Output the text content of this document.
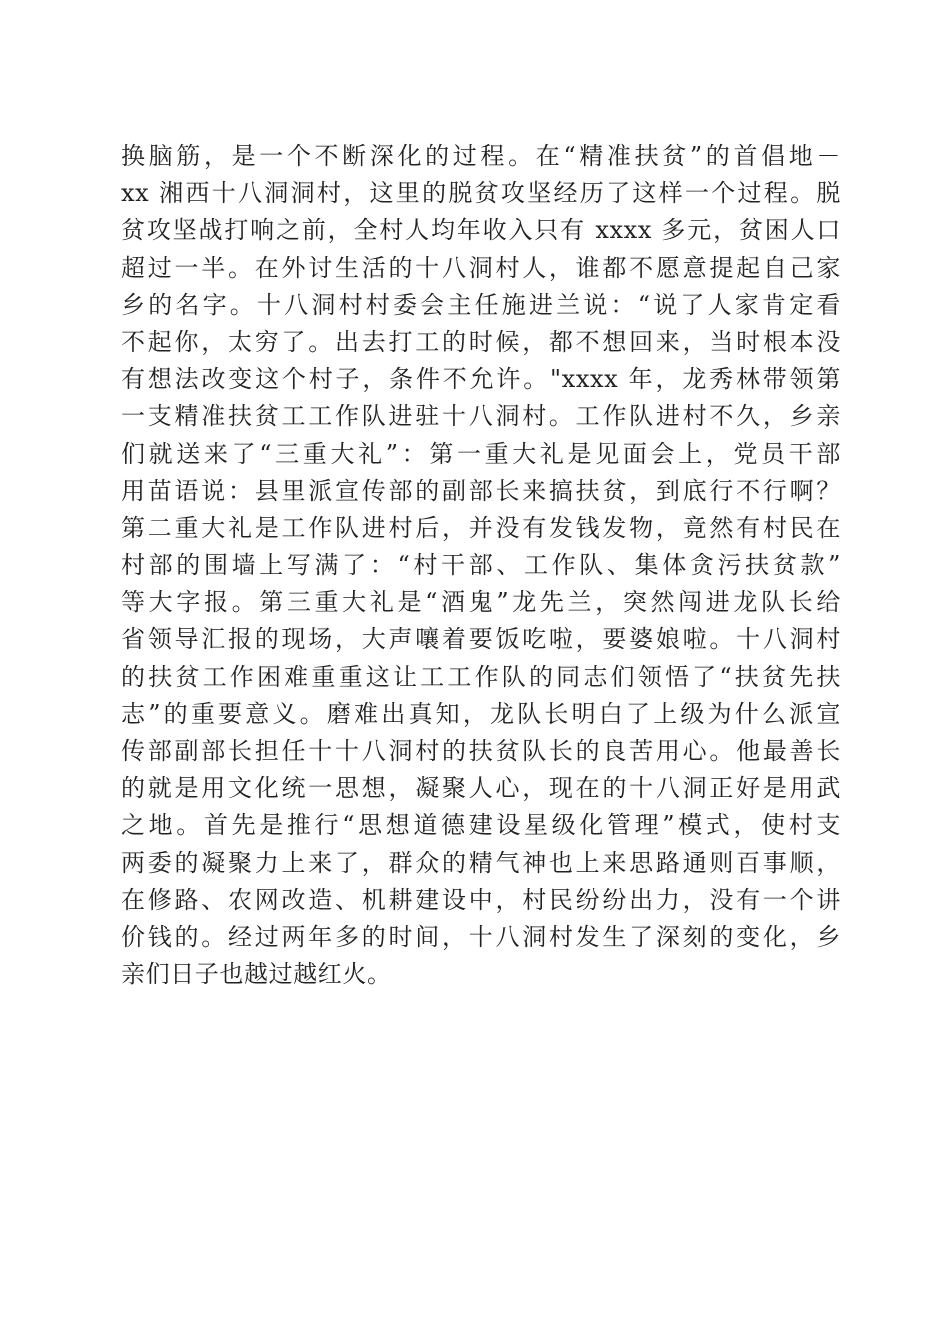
换脑筋，是一个不断深化的过程。在“精准扶贫”的首倡地－
xx 湘西十八洞洞村，这里的脱贫攻坚经历了这样一个过程。脱
贫攻坚战打响之前，全村人均年收入只有 xxxx 多元，贫困人口
超过一半。在外讨生活的十八洞村人，谁都不愿意提起自己家
乡的名字。十八洞村村委会主任施进兰说：“说了人家肯定看
不起你，太穷了。出去打工的时候，都不想回来，当时根本没
有想法改变这个村子，条件不允许。"xxxx 年，龙秀林带领第
一支精准扶贫工工作队进驻十八洞村。工作队进村不久，乡亲
们就送来了“三重大礼”：第一重大礼是见面会上，党员干部
用苗语说：县里派宣传部的副部长来搞扶贫，到底行不行啊？
第二重大礼是工作队进村后，并没有发钱发物，竟然有村民在
村部的围墙上写满了：“村干部、工作队、集体贪污扶贫款”
等大字报。第三重大礼是“酒鬼”龙先兰，突然闯进龙队长给
省领导汇报的现场，大声嚷着要饭吃啦，要婆娘啦。十八洞村
的扶贫工作困难重重这让工工作队的同志们领悟了“扶贫先扶
志”的重要意义。磨难出真知，龙队长明白了上级为什么派宣
传部副部长担任十十八洞村的扶贫队长的良苦用心。他最善长
的就是用文化统一思想，凝聚人心，现在的十八洞正好是用武
之地。首先是推行“思想道德建设星级化管理”模式，使村支
两委的凝聚力上来了，群众的精气神也上来思路通则百事顺，
在修路、农网改造、机耕建设中，村民纷纷出力，没有一个讲
价钱的。经过两年多的时间，十八洞村发生了深刻的变化，乡
亲们日子也越过越红火。
